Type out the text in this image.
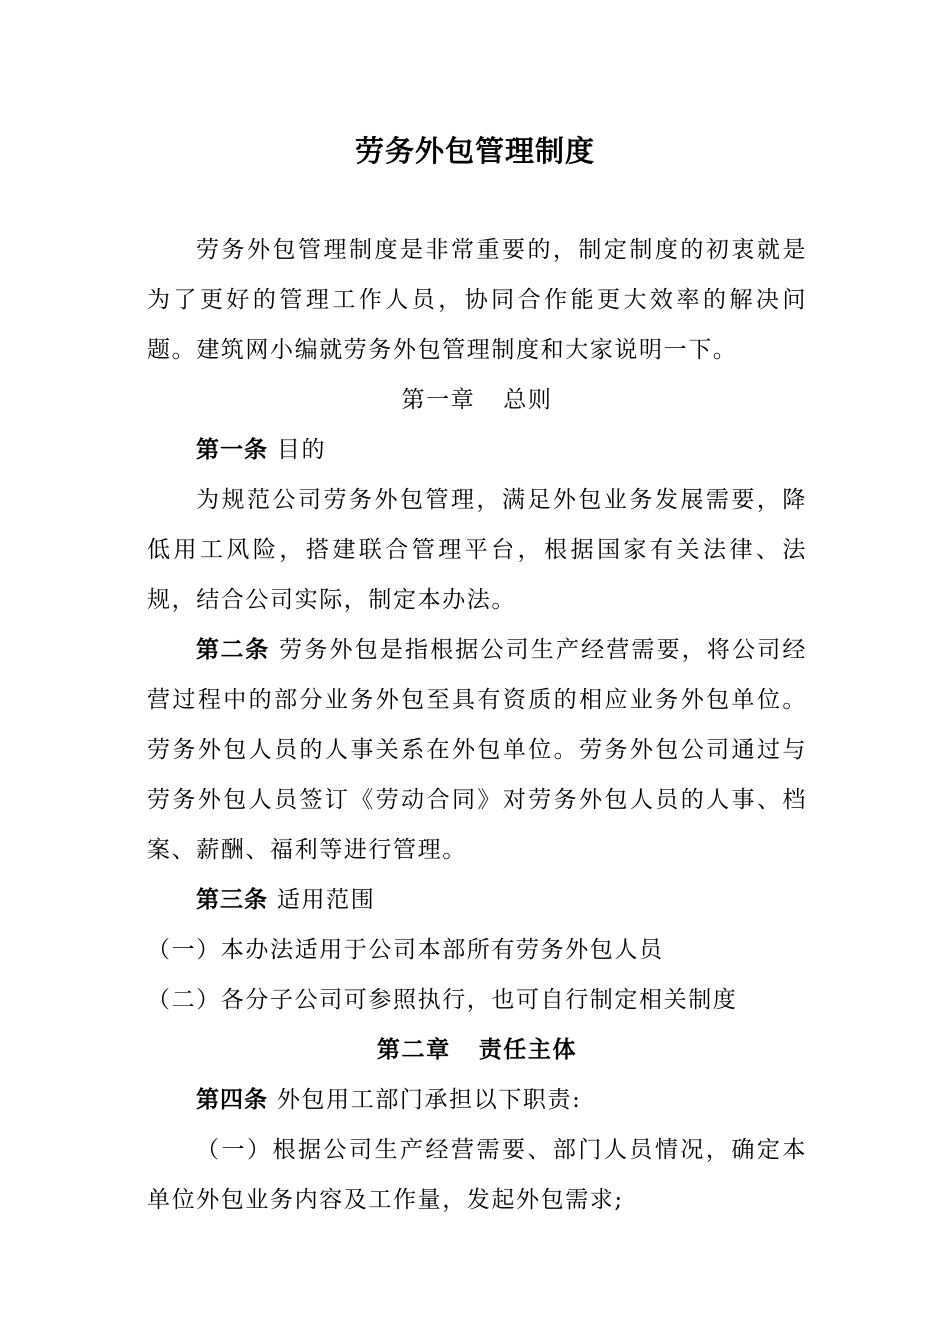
劳务外包管理制度

劳务外包管理制度是非常重要的，制定制度的初衷就是为了更好的管理工作人员，协同合作能更大效率的解决问题。建筑网小编就劳务外包管理制度和大家说明一下。

第一章 总则

第一条 目的

为规范公司劳务外包管理，满足外包业务发展需要，降低用工风险，搭建联合管理平台，根据国家有关法律、法规，结合公司实际，制定本办法。

第二条 劳务外包是指根据公司生产经营需要，将公司经营过程中的部分业务外包至具有资质的相应业务外包单位。劳务外包人员的人事关系在外包单位。劳务外包公司通过与劳务外包人员签订《劳动合同》对劳务外包人员的人事、档案、薪酬、福利等进行管理。

第三条 适用范围

（一）本办法适用于公司本部所有劳务外包人员

（二）各分子公司可参照执行，也可自行制定相关制度

第二章 责任主体

第四条 外包用工部门承担以下职责:

（一）根据公司生产经营需要、部门人员情况，确定本单位外包业务内容及工作量，发起外包需求;
